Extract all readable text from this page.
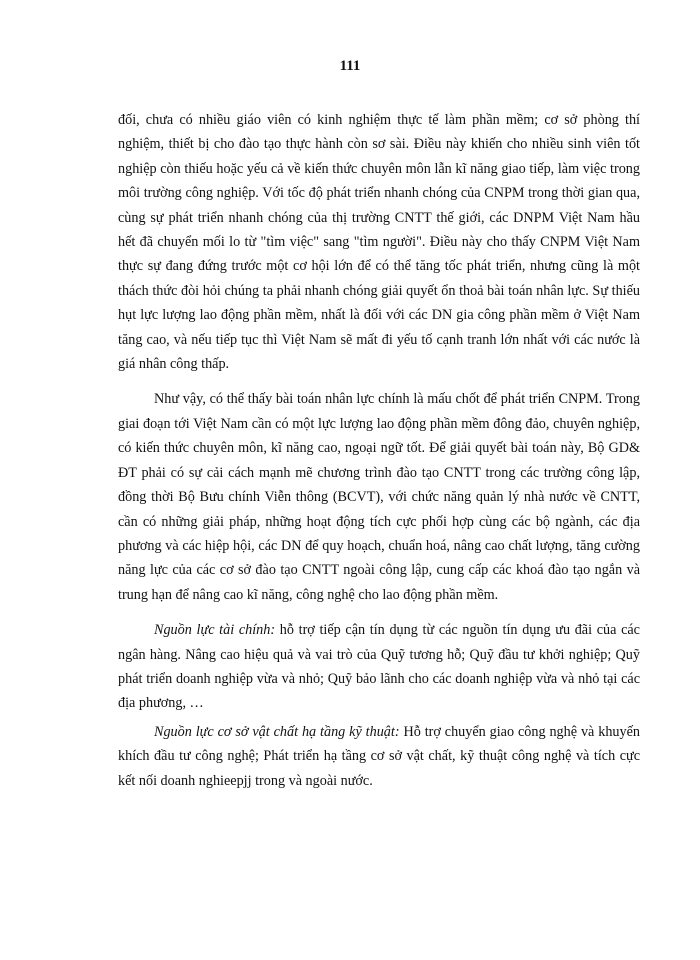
111

đối, chưa có nhiều giáo viên có kinh nghiệm thực tế làm phần mềm; cơ sở phòng thí nghiệm, thiết bị cho đào tạo thực hành còn sơ sài. Điều này khiến cho nhiều sinh viên tốt nghiệp còn thiếu hoặc yếu cả về kiến thức chuyên môn lẫn kĩ năng giao tiếp, làm việc trong môi trường công nghiệp. Với tốc độ phát triển nhanh chóng của CNPM trong thời gian qua, cùng sự phát triển nhanh chóng của thị trường CNTT thế giới, các DNPM Việt Nam hầu hết đã chuyển mối lo từ "tìm việc" sang "tìm người". Điều này cho thấy CNPM Việt Nam thực sự đang đứng trước một cơ hội lớn để có thể tăng tốc phát triển, nhưng cũng là một thách thức đòi hỏi chúng ta phải nhanh chóng giải quyết ổn thoả bài toán nhân lực. Sự thiếu hụt lực lượng lao động phần mềm, nhất là đối với các DN gia công phần mềm ở Việt Nam tăng cao, và nếu tiếp tục thì Việt Nam sẽ mất đi yếu tố cạnh tranh lớn nhất với các nước là giá nhân công thấp.

Như vậy, có thể thấy bài toán nhân lực chính là mấu chốt để phát triển CNPM. Trong giai đoạn tới Việt Nam cần có một lực lượng lao động phần mềm đông đảo, chuyên nghiệp, có kiến thức chuyên môn, kĩ năng cao, ngoại ngữ tốt. Để giải quyết bài toán này, Bộ GD& ĐT phải có sự cải cách mạnh mẽ chương trình đào tạo CNTT trong các trường công lập, đồng thời Bộ Bưu chính Viễn thông (BCVT), với chức năng quản lý nhà nước về CNTT, cần có những giải pháp, những hoạt động tích cực phối hợp cùng các bộ ngành, các địa phương và các hiệp hội, các DN để quy hoạch, chuẩn hoá, nâng cao chất lượng, tăng cường năng lực của các cơ sở đào tạo CNTT ngoài công lập, cung cấp các khoá đào tạo ngắn và trung hạn để nâng cao kĩ năng, công nghệ cho lao động phần mềm.

Nguồn lực tài chính: hỗ trợ tiếp cận tín dụng từ các nguồn tín dụng ưu đãi của các ngân hàng. Nâng cao hiệu quả và vai trò của Quỹ tương hỗ; Quỹ đầu tư khởi nghiệp; Quỹ phát triển doanh nghiệp vừa và nhỏ; Quỹ bảo lãnh cho các doanh nghiệp vừa và nhỏ tại các địa phương, …

Nguồn lực cơ sở vật chất hạ tầng kỹ thuật: Hỗ trợ chuyển giao công nghệ và khuyến khích đầu tư công nghệ; Phát triển hạ tầng cơ sở vật chất, kỹ thuật công nghệ và tích cực kết nối doanh nghieepjj trong và ngoài nước.
